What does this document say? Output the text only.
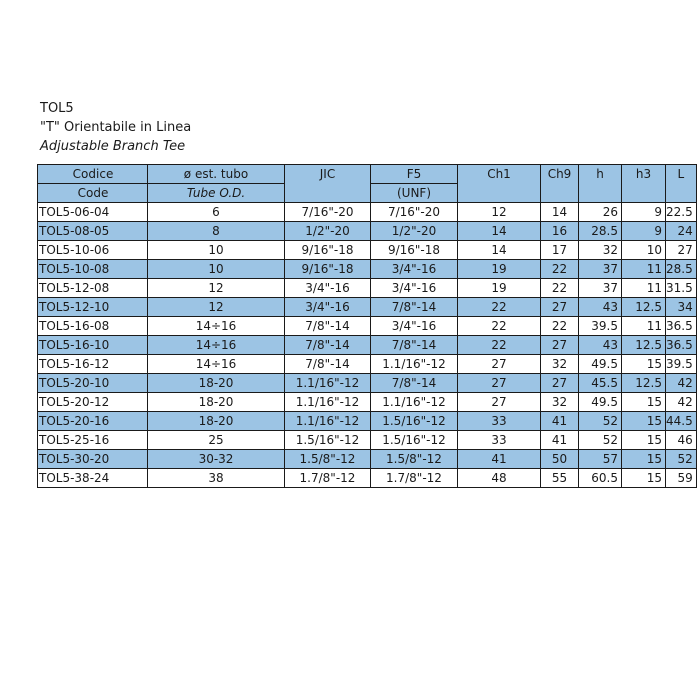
TOL5
"T" Orientabile in Linea
Adjustable Branch Tee
Codice	ø est. tubo	JIC	F5	Ch1	Ch9	h	h3	L
Code	Tube O.D.		(UNF)					
TOL5-06-04	6	7/16"-20	7/16"-20	12	14	26	9	22.5
TOL5-08-05	8	1/2"-20	1/2"-20	14	16	28.5	9	24
TOL5-10-06	10	9/16"-18	9/16"-18	14	17	32	10	27
TOL5-10-08	10	9/16"-18	3/4"-16	19	22	37	11	28.5
TOL5-12-08	12	3/4"-16	3/4"-16	19	22	37	11	31.5
TOL5-12-10	12	3/4"-16	7/8"-14	22	27	43	12.5	34
TOL5-16-08	14÷16	7/8"-14	3/4"-16	22	22	39.5	11	36.5
TOL5-16-10	14÷16	7/8"-14	7/8"-14	22	27	43	12.5	36.5
TOL5-16-12	14÷16	7/8"-14	1.1/16"-12	27	32	49.5	15	39.5
TOL5-20-10	18-20	1.1/16"-12	7/8"-14	27	27	45.5	12.5	42
TOL5-20-12	18-20	1.1/16"-12	1.1/16"-12	27	32	49.5	15	42
TOL5-20-16	18-20	1.1/16"-12	1.5/16"-12	33	41	52	15	44.5
TOL5-25-16	25	1.5/16"-12	1.5/16"-12	33	41	52	15	46
TOL5-30-20	30-32	1.5/8"-12	1.5/8"-12	41	50	57	15	52
TOL5-38-24	38	1.7/8"-12	1.7/8"-12	48	55	60.5	15	59
